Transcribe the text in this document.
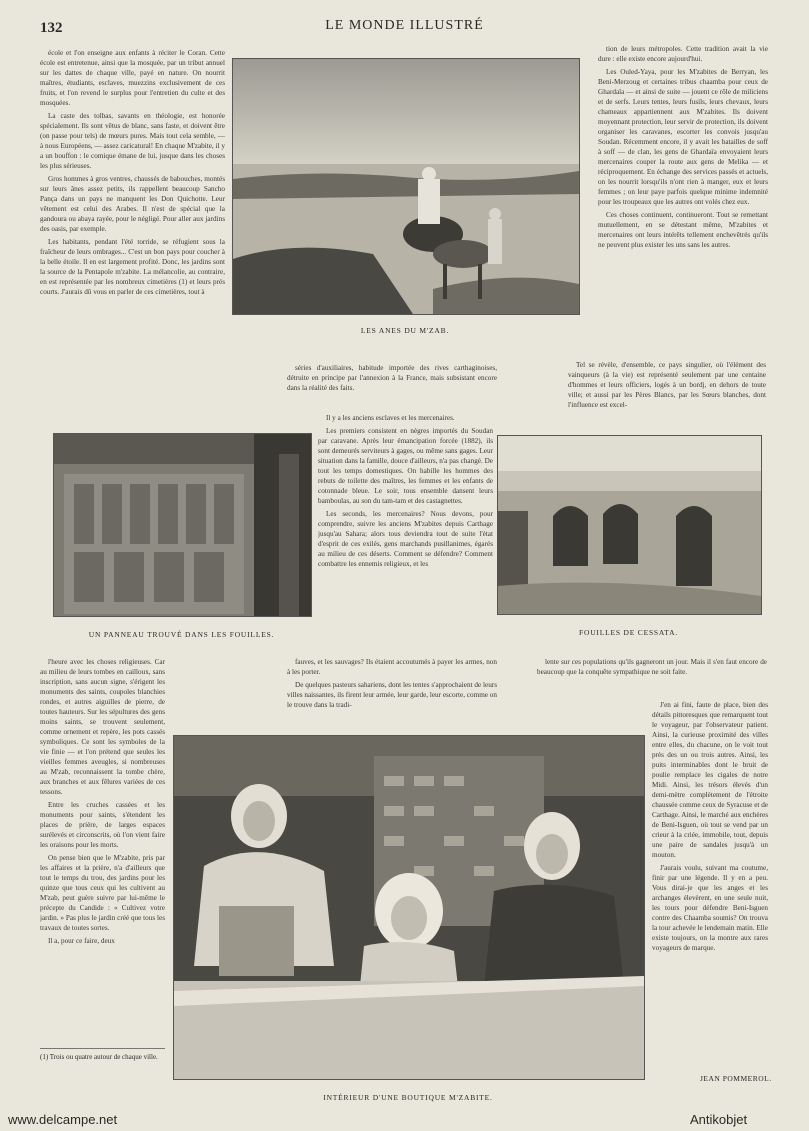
132	LE MONDE ILLUSTRÉ

école et l'on enseigne aux enfants à réciter le Coran. Cette école est entretenue, ainsi que la mosquée, par un tribut annuel sur les dattes de chaque ville, payé en nature. On nourrit maîtres, étudiants, esclaves, muezzins exclusivement de ces fruits, et l'on revend le surplus pour l'entretien du culte et des mosquées.

La caste des tolbas, savants en théologie, est honorée spécialement. Ils sont vêtus de blanc, sans faste, et doivent être (on passe pour tels) de mœurs pures. Mais tout cela semble, — à nous Européens, — assez caricatural! En chaque M'zabite, il y a un bouffon : le comique émane de lui, jusque dans les choses les plus sérieuses.

Gros hommes à gros ventres, chaussés de babouches, montés sur leurs ânes assez petits, ils rappellent beaucoup Sancho Pança dans un pays ne manquent les Don Quichotte. Leur vêtement est celui des Arabes. Il n'est de spécial que la gandoura ou abaya rayée, pour le négligé. Pour aller aux jardins des oasis, par exemple.

Les habitants, pendant l'été torride, se réfugient sous la fraîcheur de leurs ombrages... C'est un bon pays pour coucher à la belle étoile. Il en est largement profité. Donc, les jardins sont la source de la Pentapole m'zabite. La mélancolie, au contraire, en est représentée par les nombreux cimetières (1) et leurs prés courts. J'aurais dû vous en parler de ces cimetières, tout à

LES ANES DU M'ZAB.

tion de leurs métropoles. Cette tradition avait la vie dure : elle existe encore aujourd'hui.

Les Ouled-Yaya, pour les M'zabites de Berryan, les Beni-Merzoug et certaines tribus chaamba pour ceux de Ghardaïa — et ainsi de suite — jouent ce rôle de miliciens et de serfs. Leurs tentes, leurs fusils, leurs chevaux, leurs chameaux appartiennent aux M'zabites. Ils doivent moyennant protection, leur servir de protection, ils doivent organiser les caravanes, escorter les convois jusqu'au Soudan. Récemment encore, il y avait les batailles de soff à soff — de clan, les gens de Ghardaïa envoyaient leurs mercenaires couper la route aux gens de Melika — et réciproquement. En échange des services passés et actuels, on les nourrit lorsqu'ils n'ont rien à manger, eux et leurs femmes ; on leur paye parfois quelque minime indemnité pour les troupeaux que les autres ont volés chez eux.

Ces choses continuent, continueront. Tout se remettant mutuellement, en se détestant même, M'zabites et mercenaires ont leurs intérêts tellement enchevêtrés qu'ils ne peuvent plus exister les uns sans les autres.

séries d'auxiliaires, habitude importée des rives carthaginoises, détruite en principe par l'annexion à la France, mais subsistant encore dans la réalité des faits.

Il y a les anciens esclaves et les mercenaires.

Les premiers consistent en nègres importés du Soudan par caravane. Après leur émancipation forcée (1882), ils sont demeurés serviteurs à gages, ou même sans gages. Leur situation dans la famille, douce d'ailleurs, n'a pas changé. De tout les temps domestiques. On habille les hommes des rebuts de toilette des maîtres, les femmes et les enfants de cotonnade bleue. Le soir, tous ensemble dansent leurs bamboulas, au son du tam-tam et des castagnettes.

Les seconds, les mercenaires? Nous devons, pour comprendre, suivre les anciens M'zabites depuis Carthage jusqu'au Sahara; alors tous deviendra tout de suite l'état d'esprit de ces exilés, gens marchands pusillanimes, égarés au milieu de ces déserts. Comment se défendre? Comment combattre les ennemis religieux, et les

Tel se révèle, d'ensemble, ce pays singulier, où l'élément des vainqueurs (à la vie) est représenté seulement par une centaine d'hommes et leurs officiers, logés à un bordj, en dehors de toute ville; et aussi par les Pères Blancs, par les Sœurs blanches, dont l'influence est excel-

UN PANNEAU TROUVÉ DANS LES FOUILLES.	FOUILLES DE CESSATA.

l'heure avec les choses religieuses. Car au milieu de leurs tombes en cailloux, sans inscription, sans aucun signe, s'érigent les monuments des saints, coupoles blanchies rondes, et autres aiguilles de pierre, de toutes hauteurs. Sur les sépultures des gens moins saints, se trouvent seulement, comme ornement et repère, les pots cassés symboliques. Ce sont les symboles de la vie finie — et l'on prétend que seules les vieilles femmes aveugles, si nombreuses au M'zab, reconnaissent la tombe chère, aux branches et aux fêlures variées de ces tessons.

Entre les cruches cassées et les monuments pour saints, s'étendent les places de prière, de larges espaces surélevés et circonscrits, où l'on vient faire les oraisons pour les morts.

On pense bien que le M'zabite, pris par les affaires et la prière, n'a d'ailleurs que tout le temps du trou, des jardins pour les quinze que tous ceux qui les cultivent au M'zab, peut guère suivre par lui-même le précepte du Candide : « Cultivez votre jardin. » Pas plus le jardin créé que tous les travaux de toutes sortes.

Il a, pour ce faire, deux

(1) Trois ou quatre autour de chaque ville.

fauves, et les sauvages? Ils étaient accoutumés à payer les armes, non à les porter.

De quelques pasteurs sahariens, dont les tentes s'approchaient de leurs villes naissantes, ils firent leur armée, leur garde, leur escorte, comme on le trouve dans la tradi-

lente sur ces populations qu'ils gagneront un jour. Mais il s'en faut encore de beaucoup que la conquête sympathique ne soit faite.

INTÉRIEUR D'UNE BOUTIQUE M'ZABITE.

J'en ai fini, faute de place, bien des détails pittoresques que remarquent tout le voyageur, par l'observateur patient. Ainsi, la curieuse proximité des villes entre elles, du chacune, on le voit tout près des un ou trois autres. Ainsi, les puits interminables dont le bruit de poulie remplace les cigales de notre Midi. Ainsi, les trésors élevés d'un demi-mètre complètement de l'étroite chaussée comme ceux de Syracuse et de Carthage. Ainsi, le marché aux enchères de Beni-Isguen, où tout se vend par un crieur à la criée, immobile, tout, depuis une paire de sandales jusqu'à un mouton.

J'aurais voulu, suivant ma coutume, finir par une légende. Il y en a peu. Vous dirai-je que les anges et les archanges élevèrent, en une seule nuit, les tours pour défendre Beni-Isguen contre des Chaamba soumis? On trouva la tour achevée le lendemain matin. Elle existe toujours, on la montre aux rares voyageurs de marque.

JEAN POMMEROL.
www.delcampe.net	Antikobjet
